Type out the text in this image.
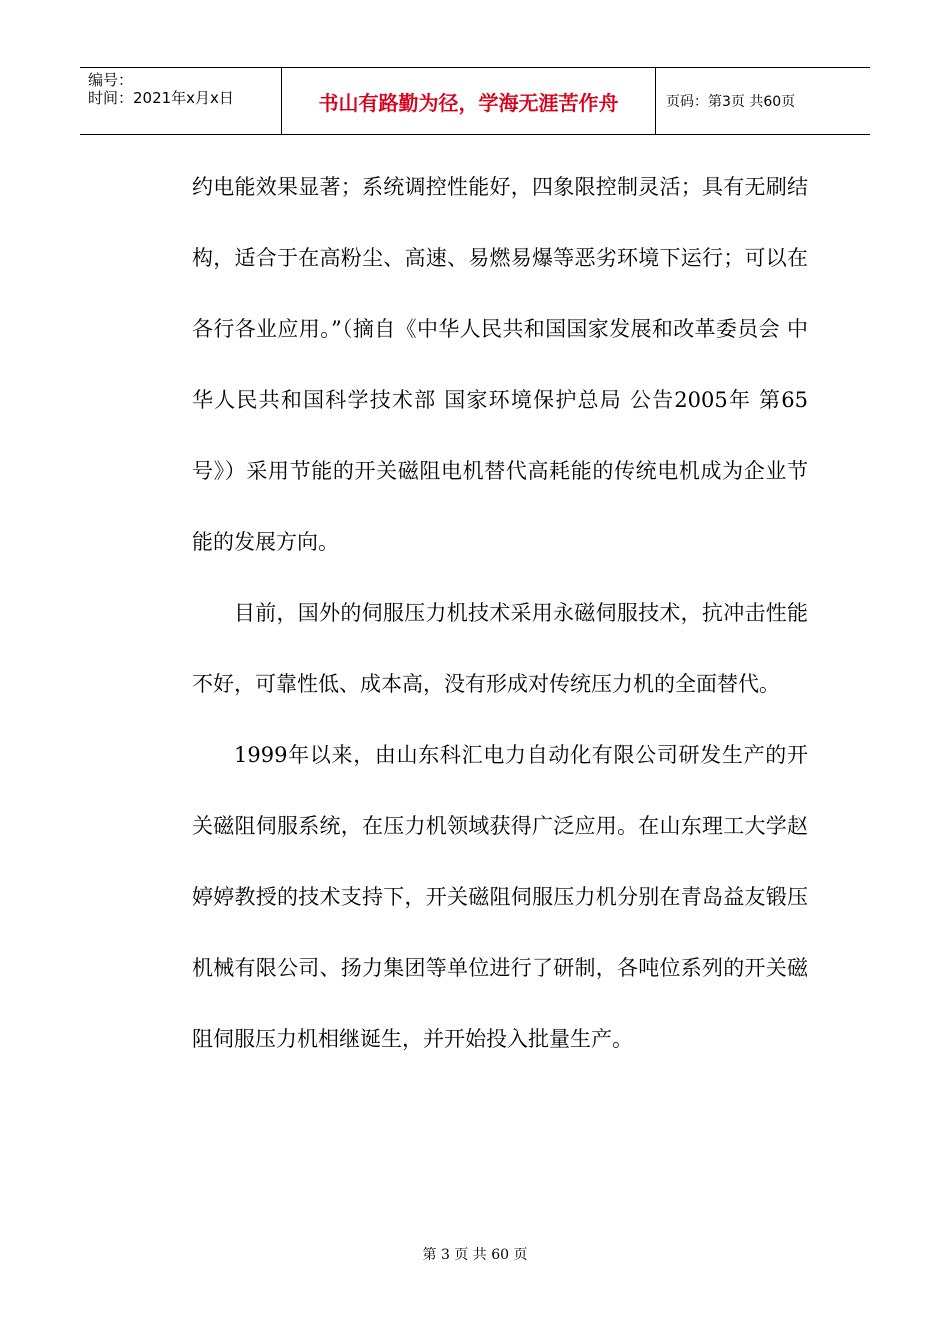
编号：
时间：2021年x月x日	书山有路勤为径，学海无涯苦作舟	页码：第3页 共60页

约电能效果显著；系统调控性能好，四象限控制灵活；具有无刷结构，适合于在高粉尘、高速、易燃易爆等恶劣环境下运行；可以在各行各业应用。”（摘自《中华人民共和国国家发展和改革委员会 中华人民共和国科学技术部 国家环境保护总局 公告2005年 第65号》）采用节能的开关磁阻电机替代高耗能的传统电机成为企业节能的发展方向。

目前，国外的伺服压力机技术采用永磁伺服技术，抗冲击性能不好，可靠性低、成本高，没有形成对传统压力机的全面替代。

1999年以来，由山东科汇电力自动化有限公司研发生产的开关磁阻伺服系统，在压力机领域获得广泛应用。在山东理工大学赵婷婷教授的技术支持下，开关磁阻伺服压力机分别在青岛益友锻压机械有限公司、扬力集团等单位进行了研制，各吨位系列的开关磁阻伺服压力机相继诞生，并开始投入批量生产。

第 3 页 共 60 页
